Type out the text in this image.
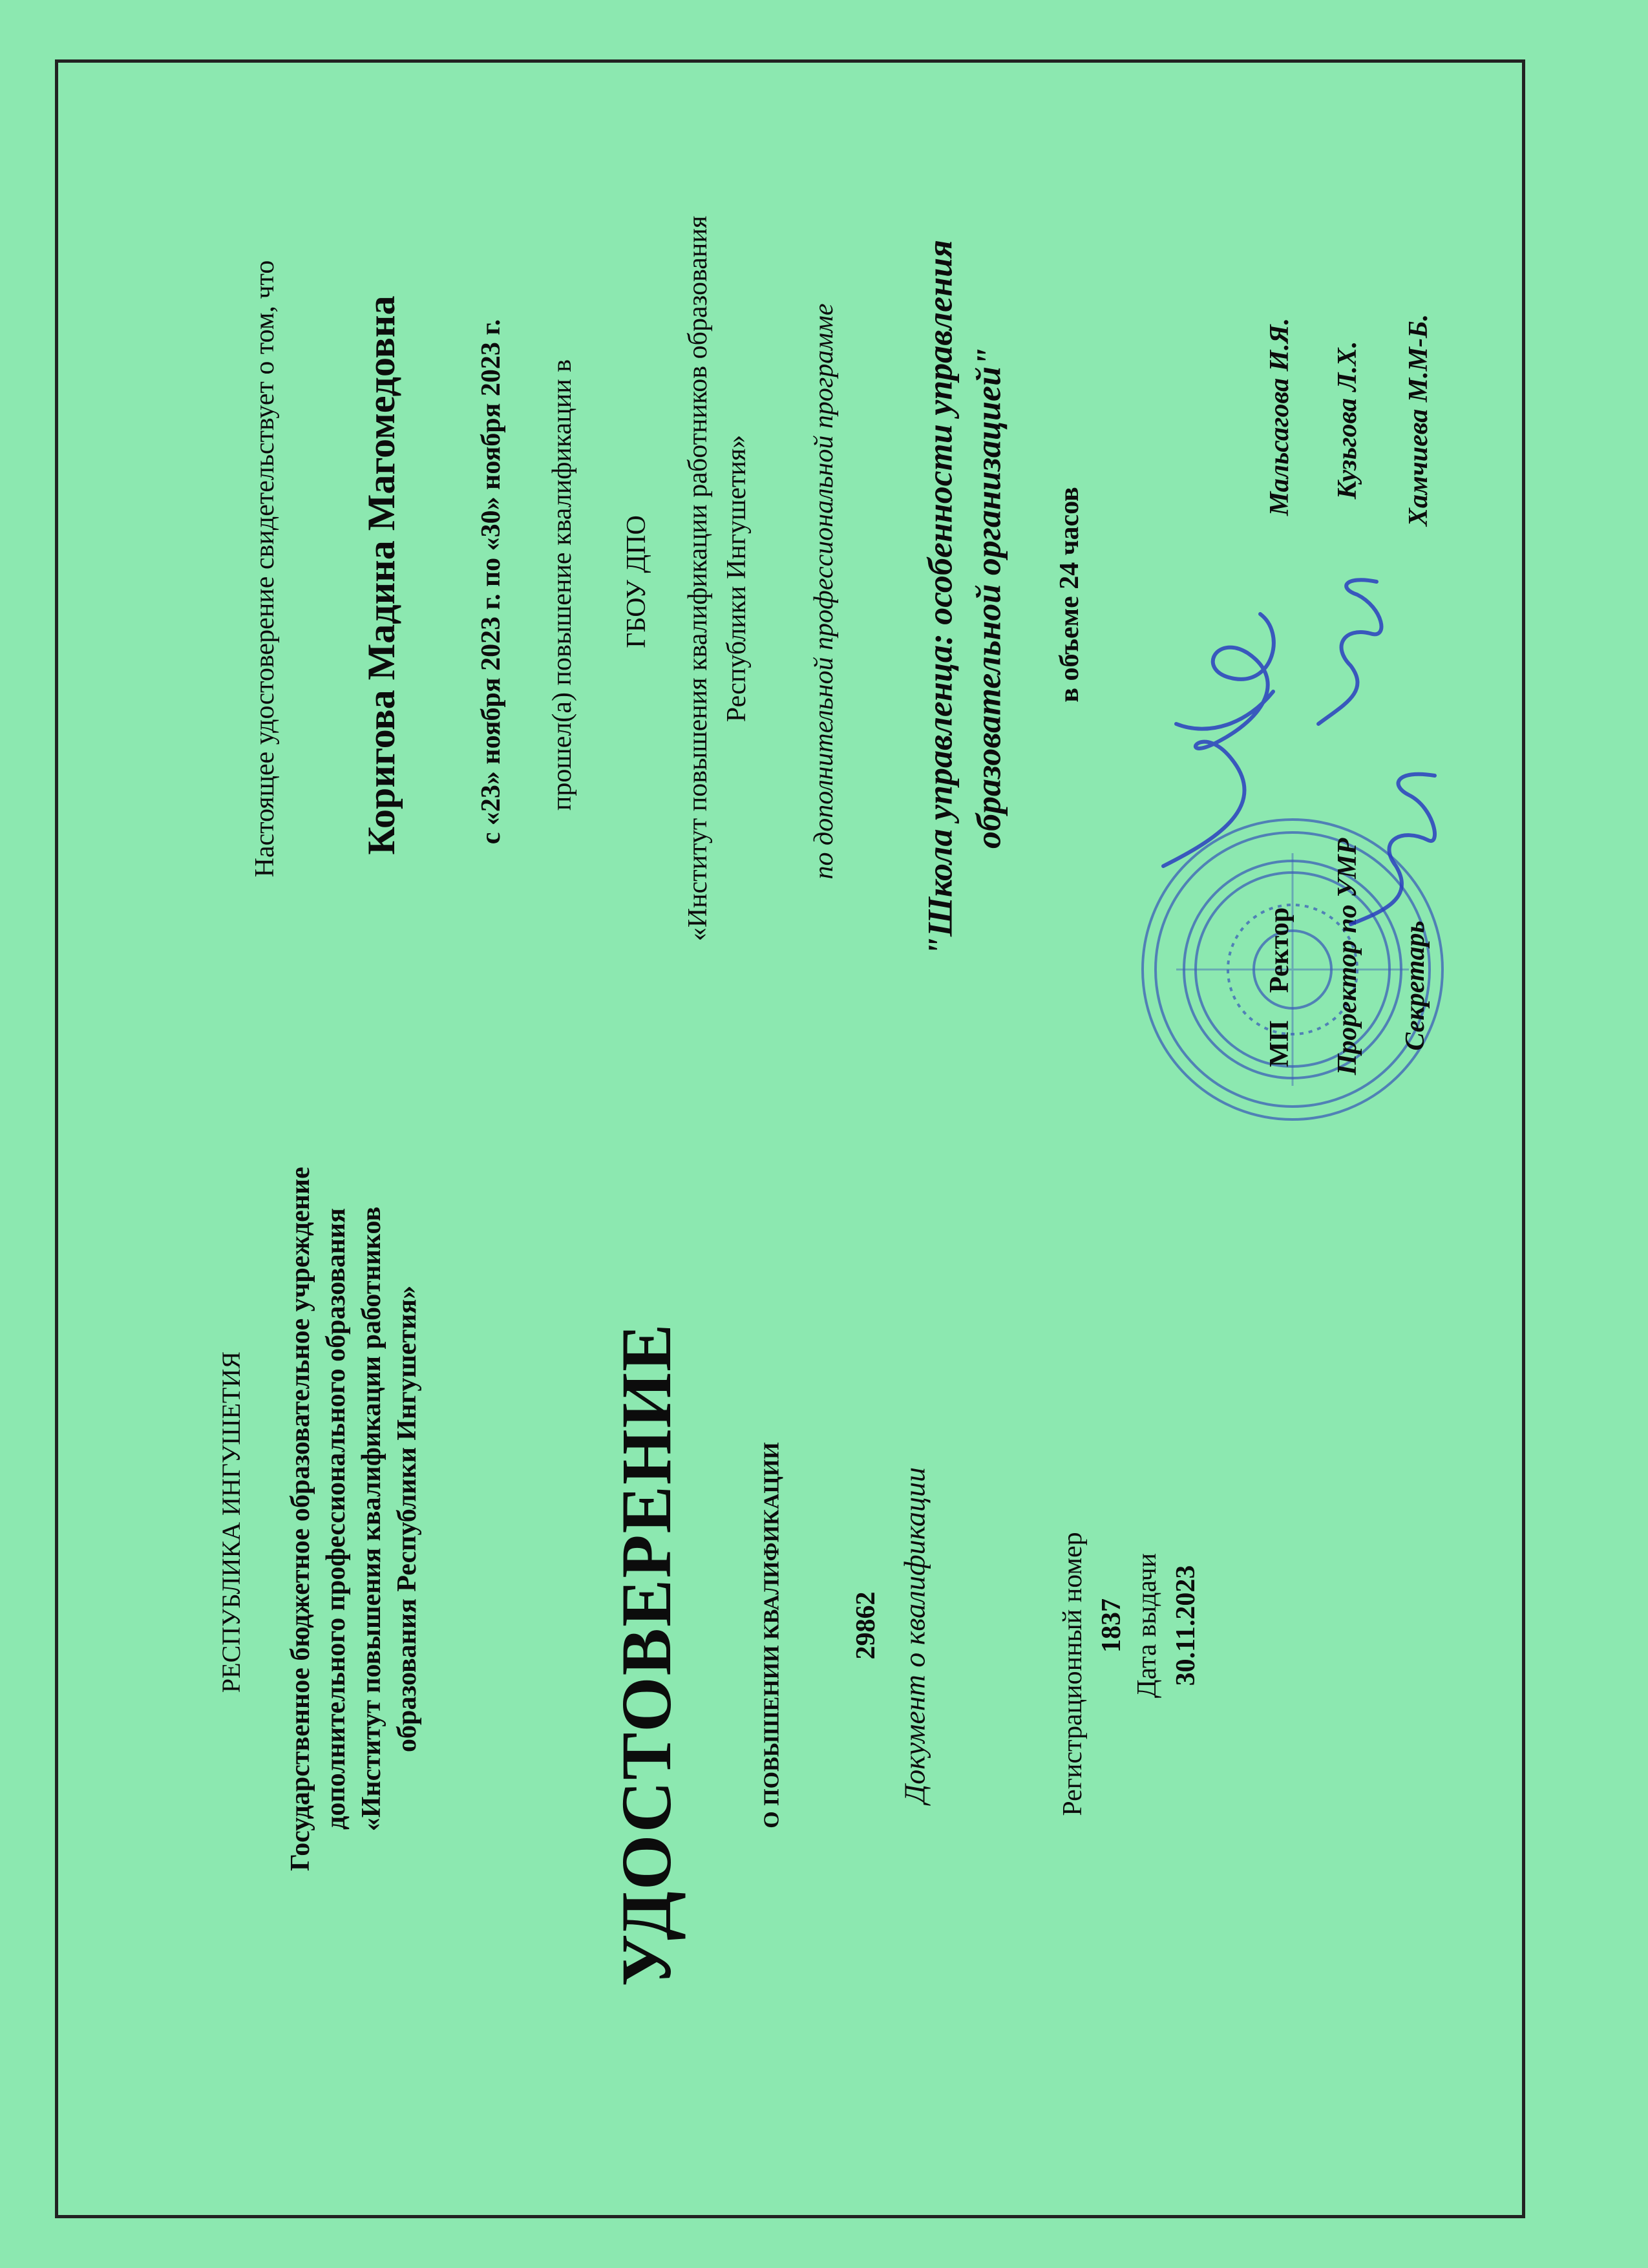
РЕСПУБЛИКА ИНГУШЕТИЯ Государственное бюджетное образовательное учреждение дополнительного профессионального образования «Институт повышения квалификации работников образования Республики Ингушетия»	УДОСТОВЕРЕНИЕ	О ПОВЫШЕНИИ КВАЛИФИКАЦИИ 29862 Документ о квалификации	Регистрационный номер 1837 Дата выдачи 30.11.2023
Настоящее удостоверение свидетельствует о том, что Коригова Мадина Магомедовна	с «23» ноября 2023 г. по «30» ноября 2023 г. прошел(а) повышение квалификации в ГБОУ ДПО «Институт повышения квалификации работников образования Республики Ингушетия» по дополнительной профессиональной программе "Школа управленца: особенности управления образовательной организацией" в объеме 24 часов
МП
Ректор
Мальсагова И.Я.
Проректор по УМР
Кузьгова Л.Х.
Секретарь
Хамчиева М.М-Б.
